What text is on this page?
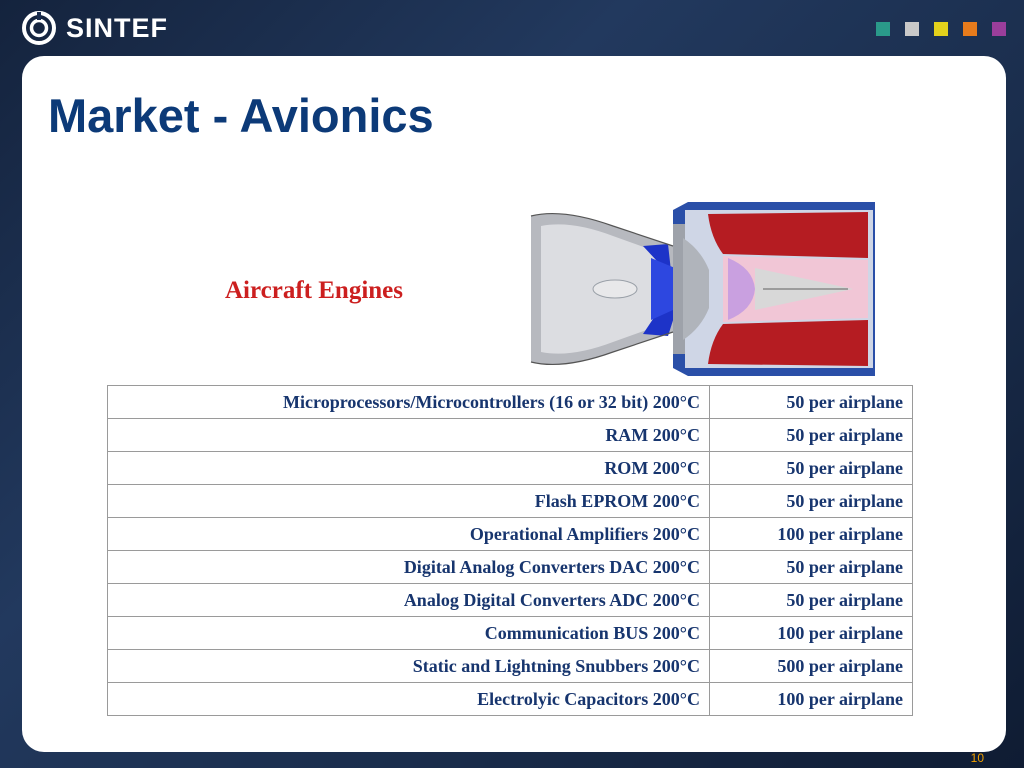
SINTEF
Market - Avionics
Aircraft Engines
Microprocessors/Microcontrollers (16 or 32 bit) 200°C	50 per airplane
RAM 200°C	50 per airplane
ROM 200°C	50 per airplane
Flash EPROM 200°C	50 per airplane
Operational Amplifiers 200°C	100 per airplane
Digital Analog Converters DAC 200°C	50 per airplane
Analog Digital Converters ADC 200°C	50 per airplane
Communication BUS 200°C	100 per airplane
Static and Lightning Snubbers 200°C	500 per airplane
Electrolyic Capacitors 200°C	100 per airplane
10
